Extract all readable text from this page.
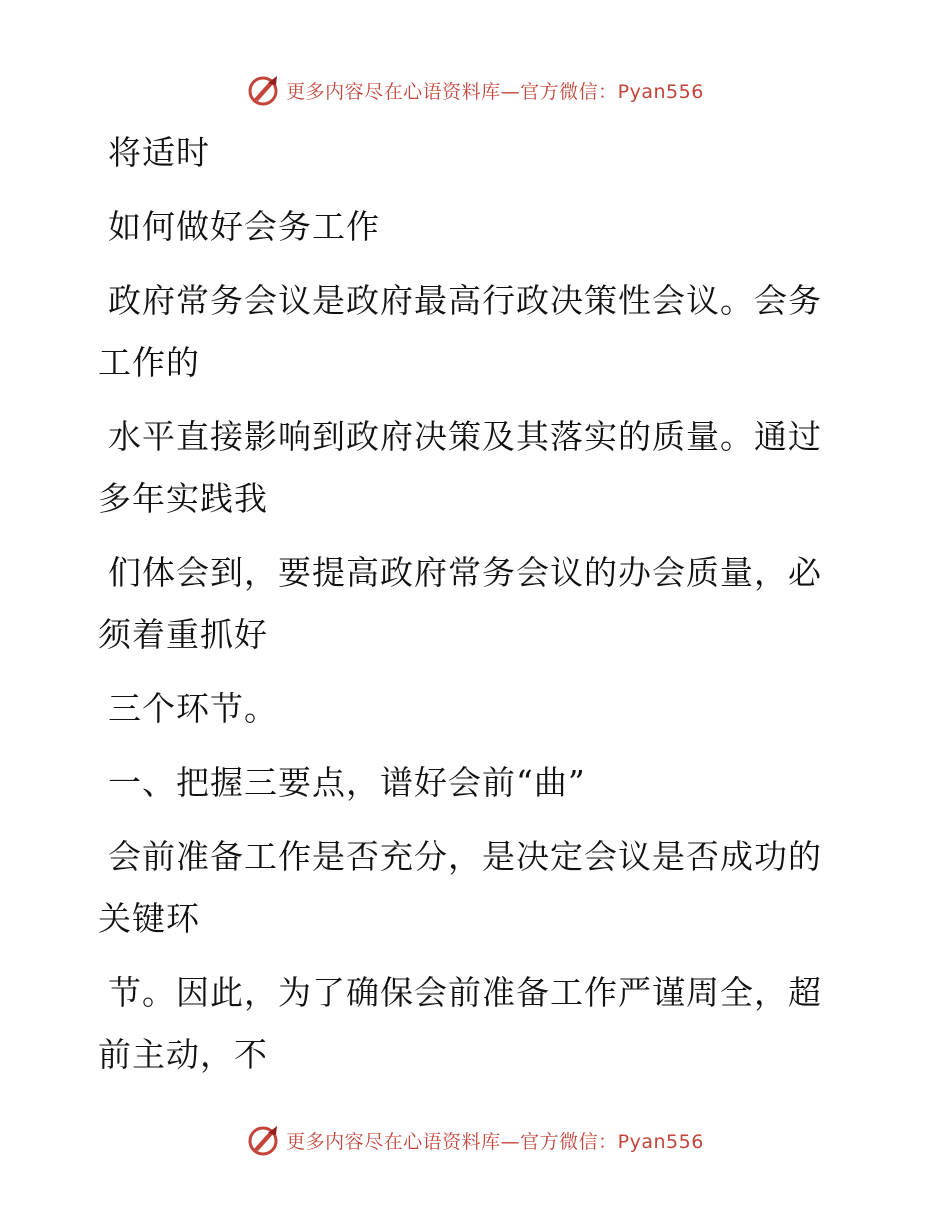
更多内容尽在心语资料库—官方微信：Pyan556

将适时

如何做好会务工作

政府常务会议是政府最高行政决策性会议。会务工作的

水平直接影响到政府决策及其落实的质量。通过多年实践我

们体会到，要提高政府常务会议的办会质量，必须着重抓好

三个环节。

一、把握三要点，谱好会前“曲”

会前准备工作是否充分，是决定会议是否成功的关键环

节。因此，为了确保会前准备工作严谨周全，超前主动，不

更多内容尽在心语资料库—官方微信：Pyan556
